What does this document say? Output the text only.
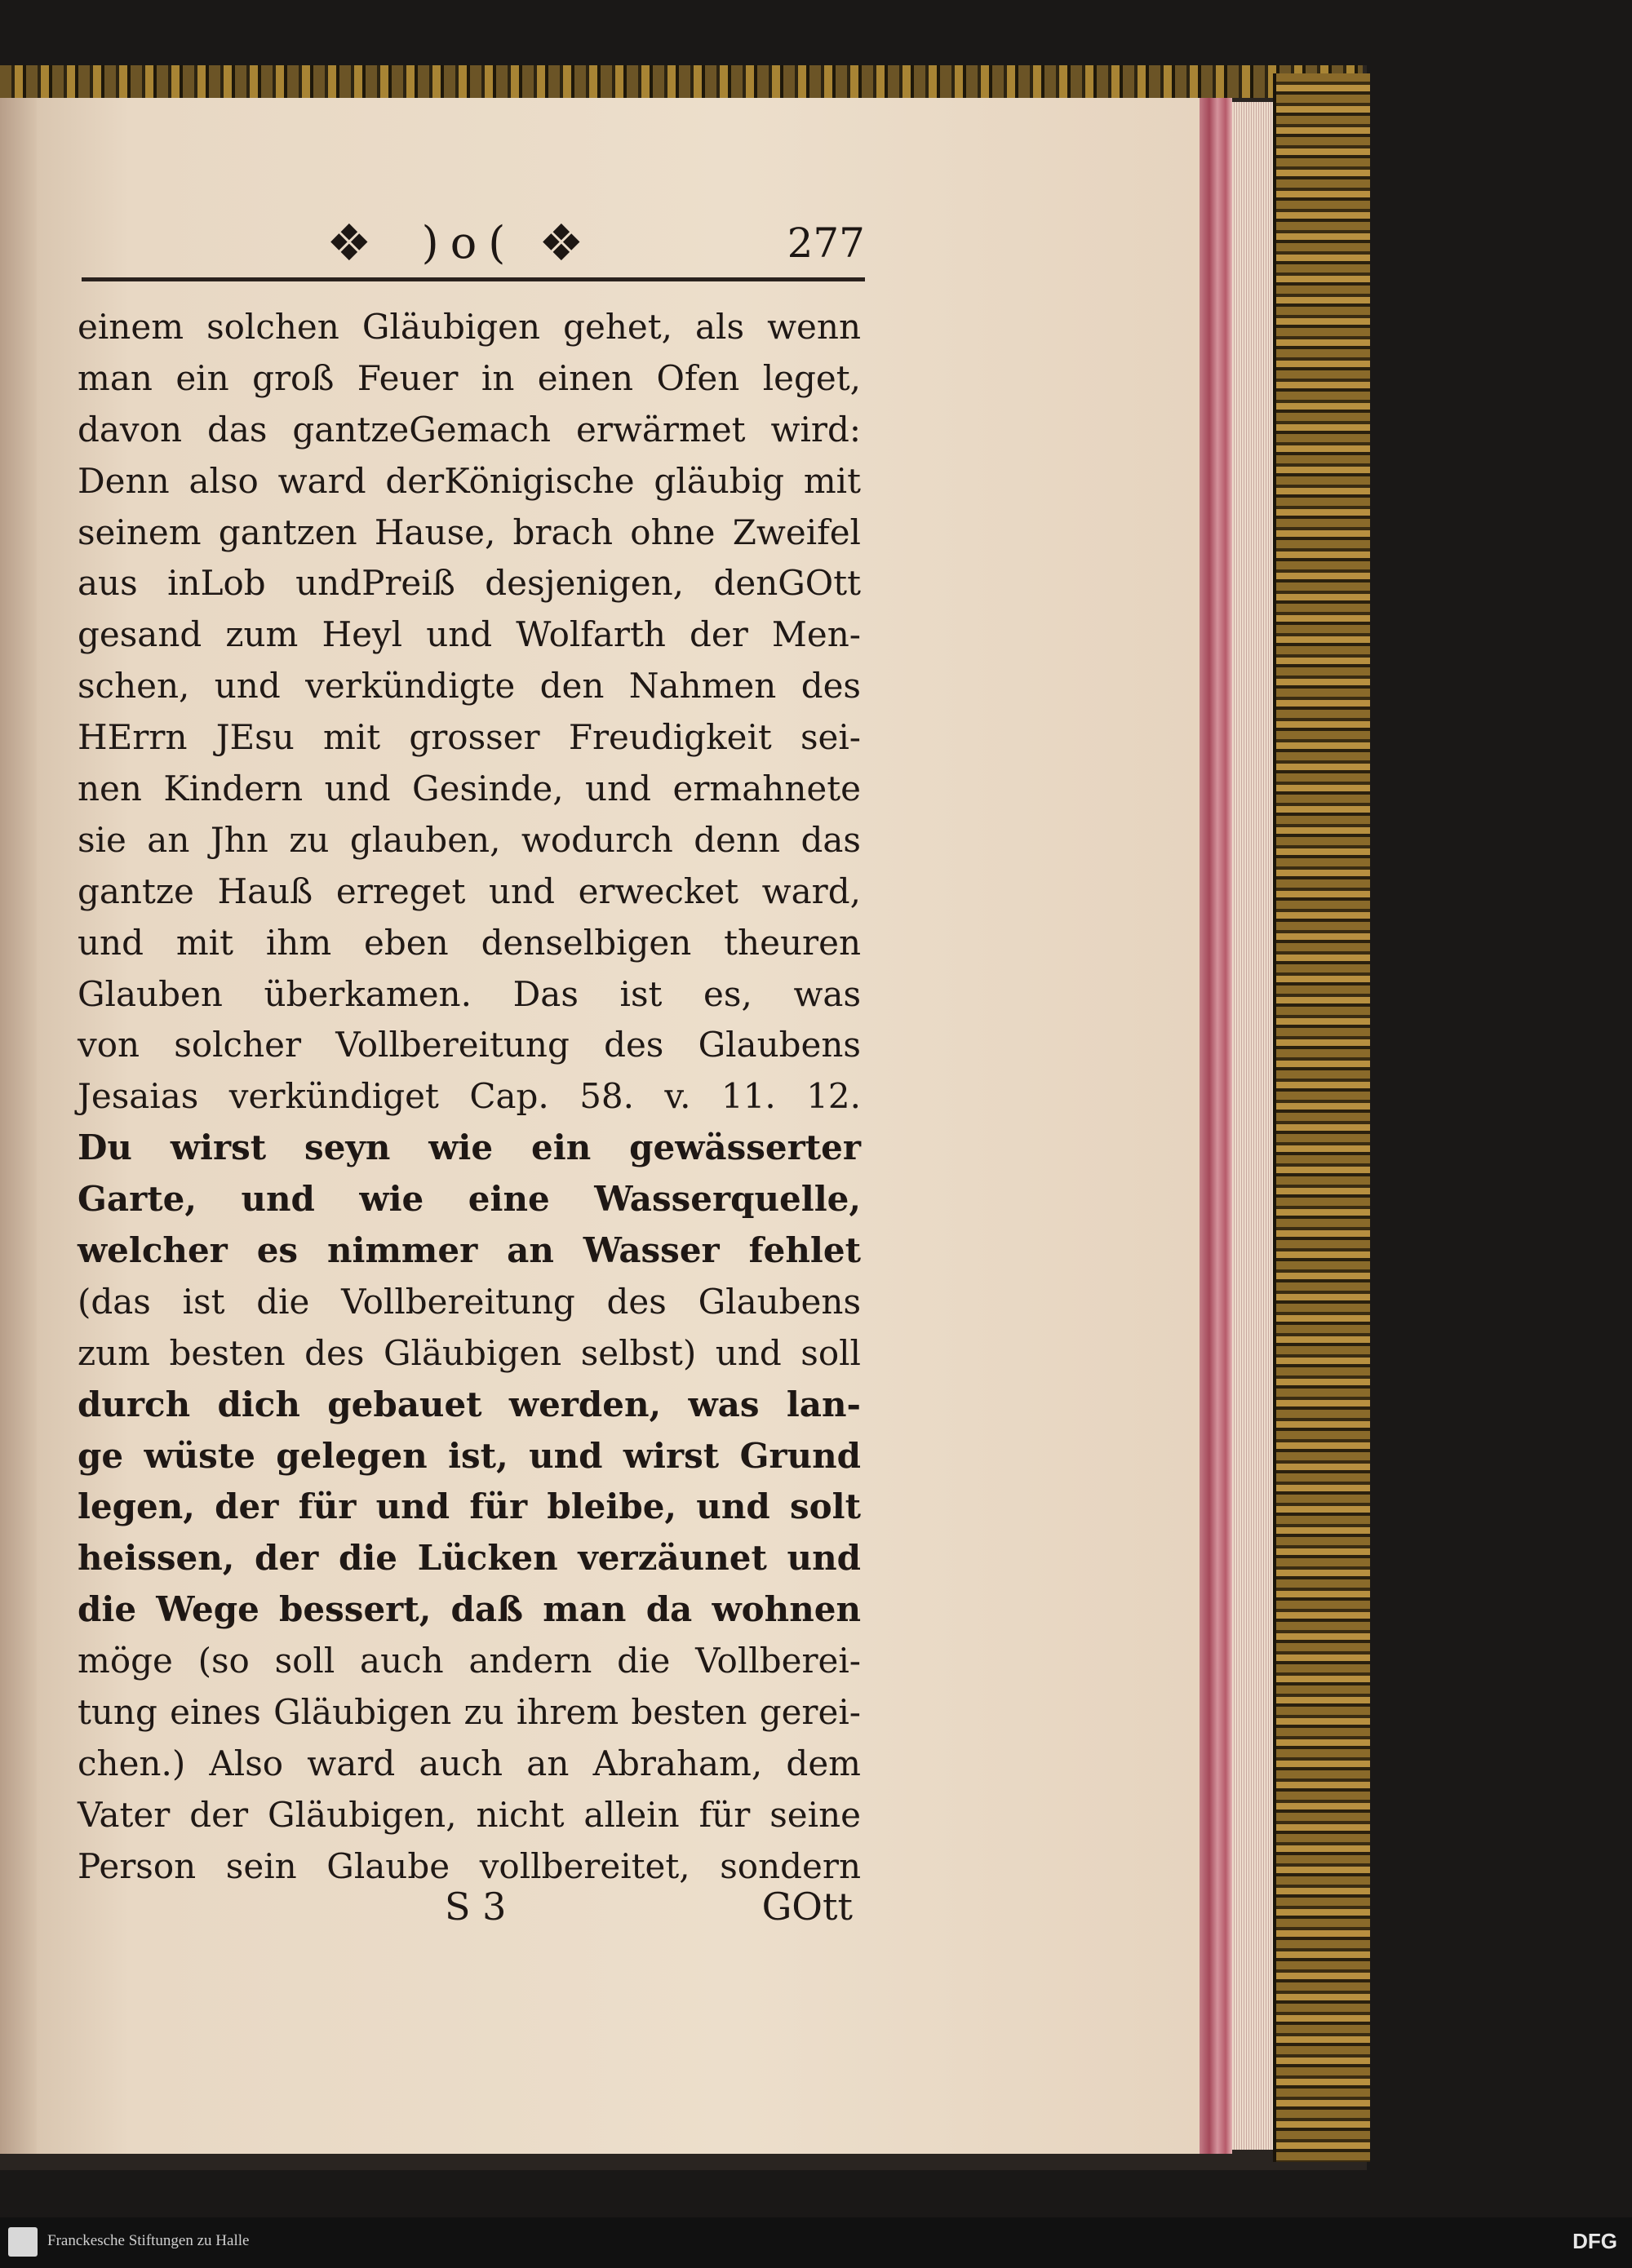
❖	)o( ❖	277
einem solchen Gläubigen gehet, als wenn
man ein groß Feuer in einen Ofen leget,
davon das gantzeGemach erwärmet wird:
Denn also ward derKönigische gläubig mit
seinem gantzen Hause, brach ohne Zweifel
aus inLob undPreiß desjenigen, denGOtt
gesand zum Heyl und Wolfarth der Men-
schen, und verkündigte den Nahmen des
HErrn JEsu mit grosser Freudigkeit sei-
nen Kindern und Gesinde, und ermahnete
sie an Jhn zu glauben, wodurch denn das
gantze Hauß erreget und erwecket ward,
und mit ihm eben denselbigen theuren
Glauben überkamen. Das ist es, was
von solcher Vollbereitung des Glaubens
Jesaias verkündiget Cap. 58. v. 11. 12.
Du wirst seyn wie ein gewässerter
Garte, und wie eine Wasserquelle,
welcher es nimmer an Wasser fehlet
(das ist die Vollbereitung des Glaubens
zum besten des Gläubigen selbst) und soll
durch dich gebauet werden, was lan-
ge wüste gelegen ist, und wirst Grund
legen, der für und für bleibe, und solt
heissen, der die Lücken verzäunet und
die Wege bessert, daß man da wohnen
möge (so soll auch andern die Vollberei-
tung eines Gläubigen zu ihrem besten gerei-
chen.) Also ward auch an Abraham, dem
Vater der Gläubigen, nicht allein für seine
Person sein Glaube vollbereitet, sondern
S 3	GOtt
Franckesche Stiftungen zu Halle	DFG
